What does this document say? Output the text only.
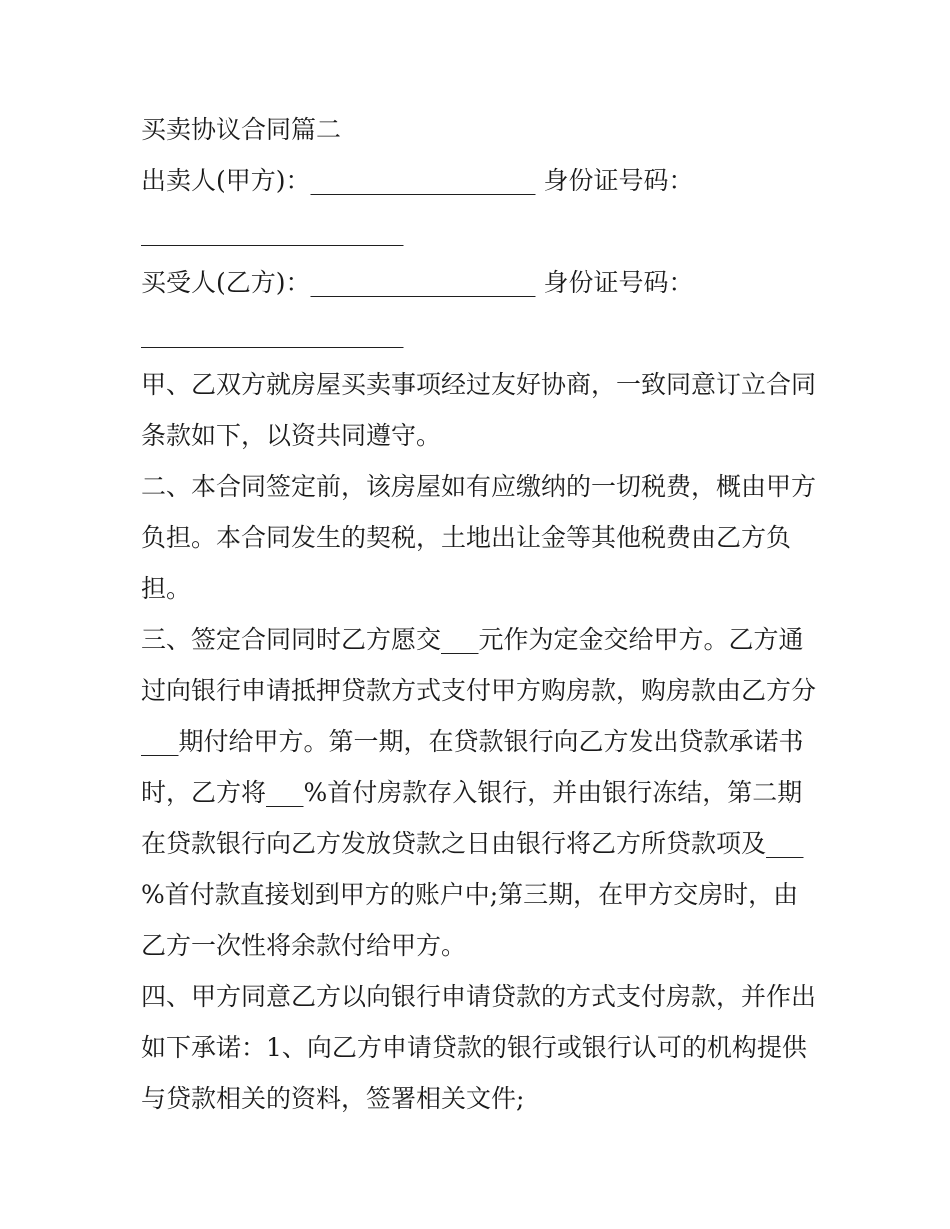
买卖协议合同篇二
出卖人(甲方)：__________________ 身份证号码：
_____________________
买受人(乙方)：__________________ 身份证号码：
_____________________
甲、乙双方就房屋买卖事项经过友好协商，一致同意订立合同
条款如下，以资共同遵守。
二、本合同签定前，该房屋如有应缴纳的一切税费，概由甲方
负担。本合同发生的契税，土地出让金等其他税费由乙方负
担。
三、签定合同同时乙方愿交___元作为定金交给甲方。乙方通
过向银行申请抵押贷款方式支付甲方购房款，购房款由乙方分
___期付给甲方。第一期，在贷款银行向乙方发出贷款承诺书
时，乙方将___%首付房款存入银行，并由银行冻结，第二期
在贷款银行向乙方发放贷款之日由银行将乙方所贷款项及___
%首付款直接划到甲方的账户中;第三期，在甲方交房时，由
乙方一次性将余款付给甲方。
四、甲方同意乙方以向银行申请贷款的方式支付房款，并作出
如下承诺：1、向乙方申请贷款的银行或银行认可的机构提供
与贷款相关的资料，签署相关文件;
